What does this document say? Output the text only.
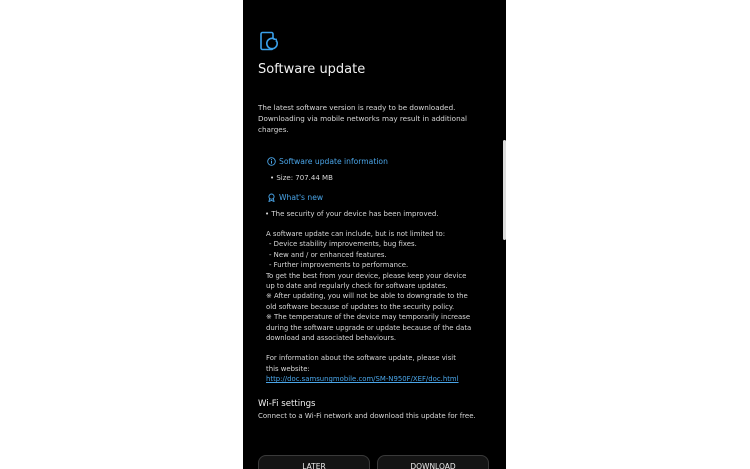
Software update
The latest software version is ready to be downloaded. Downloading via mobile networks may result in additional charges.
Software update information
• Size: 707.44 MB
What's new
• The security of your device has been improved.
A software update can include, but is not limited to:
- Device stability improvements, bug fixes.
- New and / or enhanced features.
- Further improvements to performance.
To get the best from your device, please keep your device
up to date and regularly check for software updates.
※ After updating, you will not be able to downgrade to the
old software because of updates to the security policy.
※ The temperature of the device may temporarily increase
during the software upgrade or update because of the data
download and associated behaviours.
For information about the software update, please visit
this website:
http://doc.samsungmobile.com/SM-N950F/XEF/doc.html
Wi-Fi settings
Connect to a Wi-Fi network and download this update for free.
LATER	DOWNLOAD
